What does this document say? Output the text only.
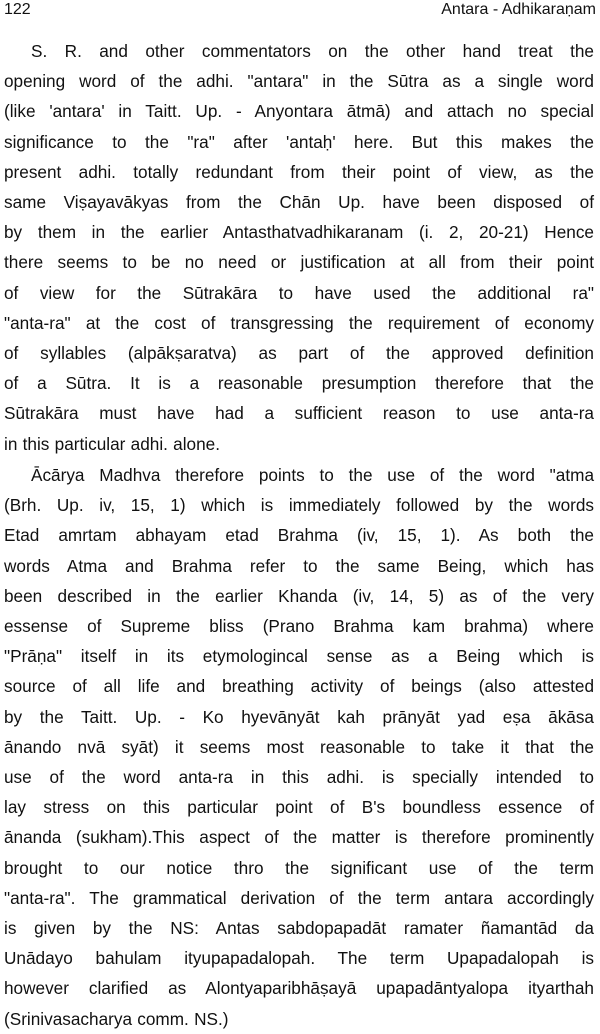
122	Antara - Adhikaraṇam

S. R. and other commentators on the other hand treat the
opening word of the adhi. "antara" in the Sūtra as a single word
(like 'antara' in Taitt. Up. - Anyontara ātmā) and attach no special
significance to the "ra" after 'antaḥ' here. But this makes the
present adhi. totally redundant from their point of view, as the
same Viṣayavākyas from the Chān Up. have been disposed of
by them in the earlier Antasthatvadhikaranam (i. 2, 20-21) Hence
there seems to be no need or justification at all from their point
of view for the Sūtrakāra to have used the additional ra"
"anta-ra" at the cost of transgressing the requirement of economy
of syllables (alpākṣaratva) as part of the approved definition
of a Sūtra. It is a reasonable presumption therefore that the
Sūtrakāra must have had a sufficient reason to use anta-ra
in this particular adhi. alone.

Ācārya Madhva therefore points to the use of the word "atma
(Brh. Up. iv, 15, 1) which is immediately followed by the words
Etad amrtam abhayam etad Brahma (iv, 15, 1). As both the
words Atma and Brahma refer to the same Being, which has
been described in the earlier Khanda (iv, 14, 5) as of the very
essense of Supreme bliss (Prano Brahma kam brahma) where
"Prāṇa" itself in its etymologincal sense as a Being which is
source of all life and breathing activity of beings (also attested
by the Taitt. Up. - Ko hyevānyāt kah prānyāt yad eṣa ākāsa
ānando nvā syāt) it seems most reasonable to take it that the
use of the word anta-ra in this adhi. is specially intended to
lay stress on this particular point of B's boundless essence of
ānanda (sukham).This aspect of the matter is therefore prominently
brought to our notice thro the significant use of the term
"anta-ra". The grammatical derivation of the term antara accordingly
is given by the NS: Antas sabdopapadāt ramater ñamantād da
Unādayo bahulam ityupapadalopah. The term Upapadalopah is
however clarified as Alontyaparibhāṣayā upapadāntyalopa ityarthah
(Srinivasacharya comm. NS.)
